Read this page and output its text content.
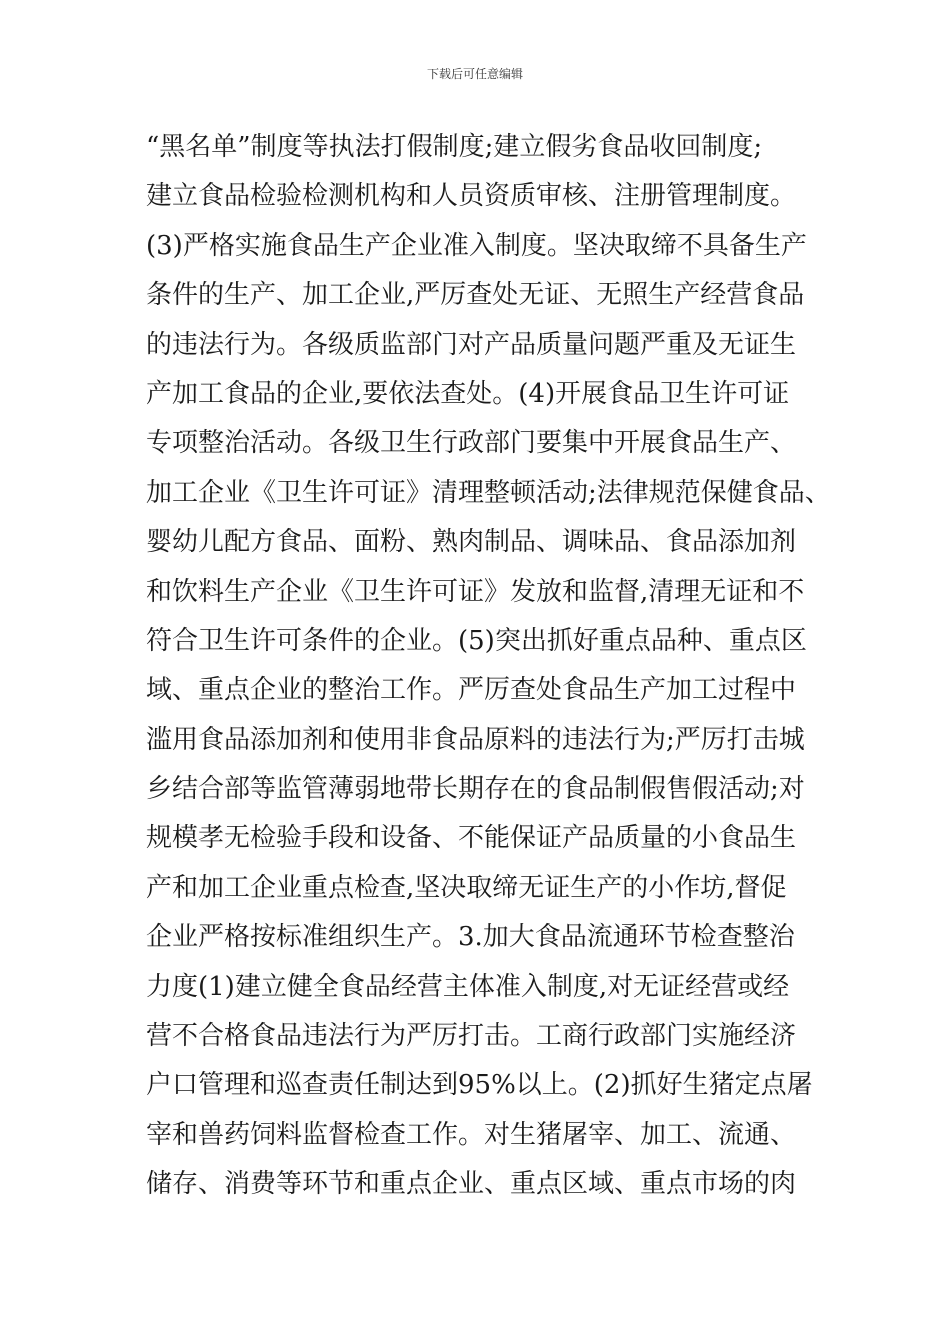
下载后可任意编辑
“黑名单”制度等执法打假制度;建立假劣食品收回制度;
建立食品检验检测机构和人员资质审核、注册管理制度。
(3)严格实施食品生产企业准入制度。坚决取缔不具备生产
条件的生产、加工企业,严厉查处无证、无照生产经营食品
的违法行为。各级质监部门对产品质量问题严重及无证生
产加工食品的企业,要依法查处。(4)开展食品卫生许可证
专项整治活动。各级卫生行政部门要集中开展食品生产、
加工企业《卫生许可证》清理整顿活动;法律规范保健食品、
婴幼儿配方食品、面粉、熟肉制品、调味品、食品添加剂
和饮料生产企业《卫生许可证》发放和监督,清理无证和不
符合卫生许可条件的企业。(5)突出抓好重点品种、重点区
域、重点企业的整治工作。严厉查处食品生产加工过程中
滥用食品添加剂和使用非食品原料的违法行为;严厉打击城
乡结合部等监管薄弱地带长期存在的食品制假售假活动;对
规模孝无检验手段和设备、不能保证产品质量的小食品生
产和加工企业重点检查,坚决取缔无证生产的小作坊,督促
企业严格按标准组织生产。3.加大食品流通环节检查整治
力度(1)建立健全食品经营主体准入制度,对无证经营或经
营不合格食品违法行为严厉打击。工商行政部门实施经济
户口管理和巡查责任制达到95%以上。(2)抓好生猪定点屠
宰和兽药饲料监督检查工作。对生猪屠宰、加工、流通、
储存、消费等环节和重点企业、重点区域、重点市场的肉
